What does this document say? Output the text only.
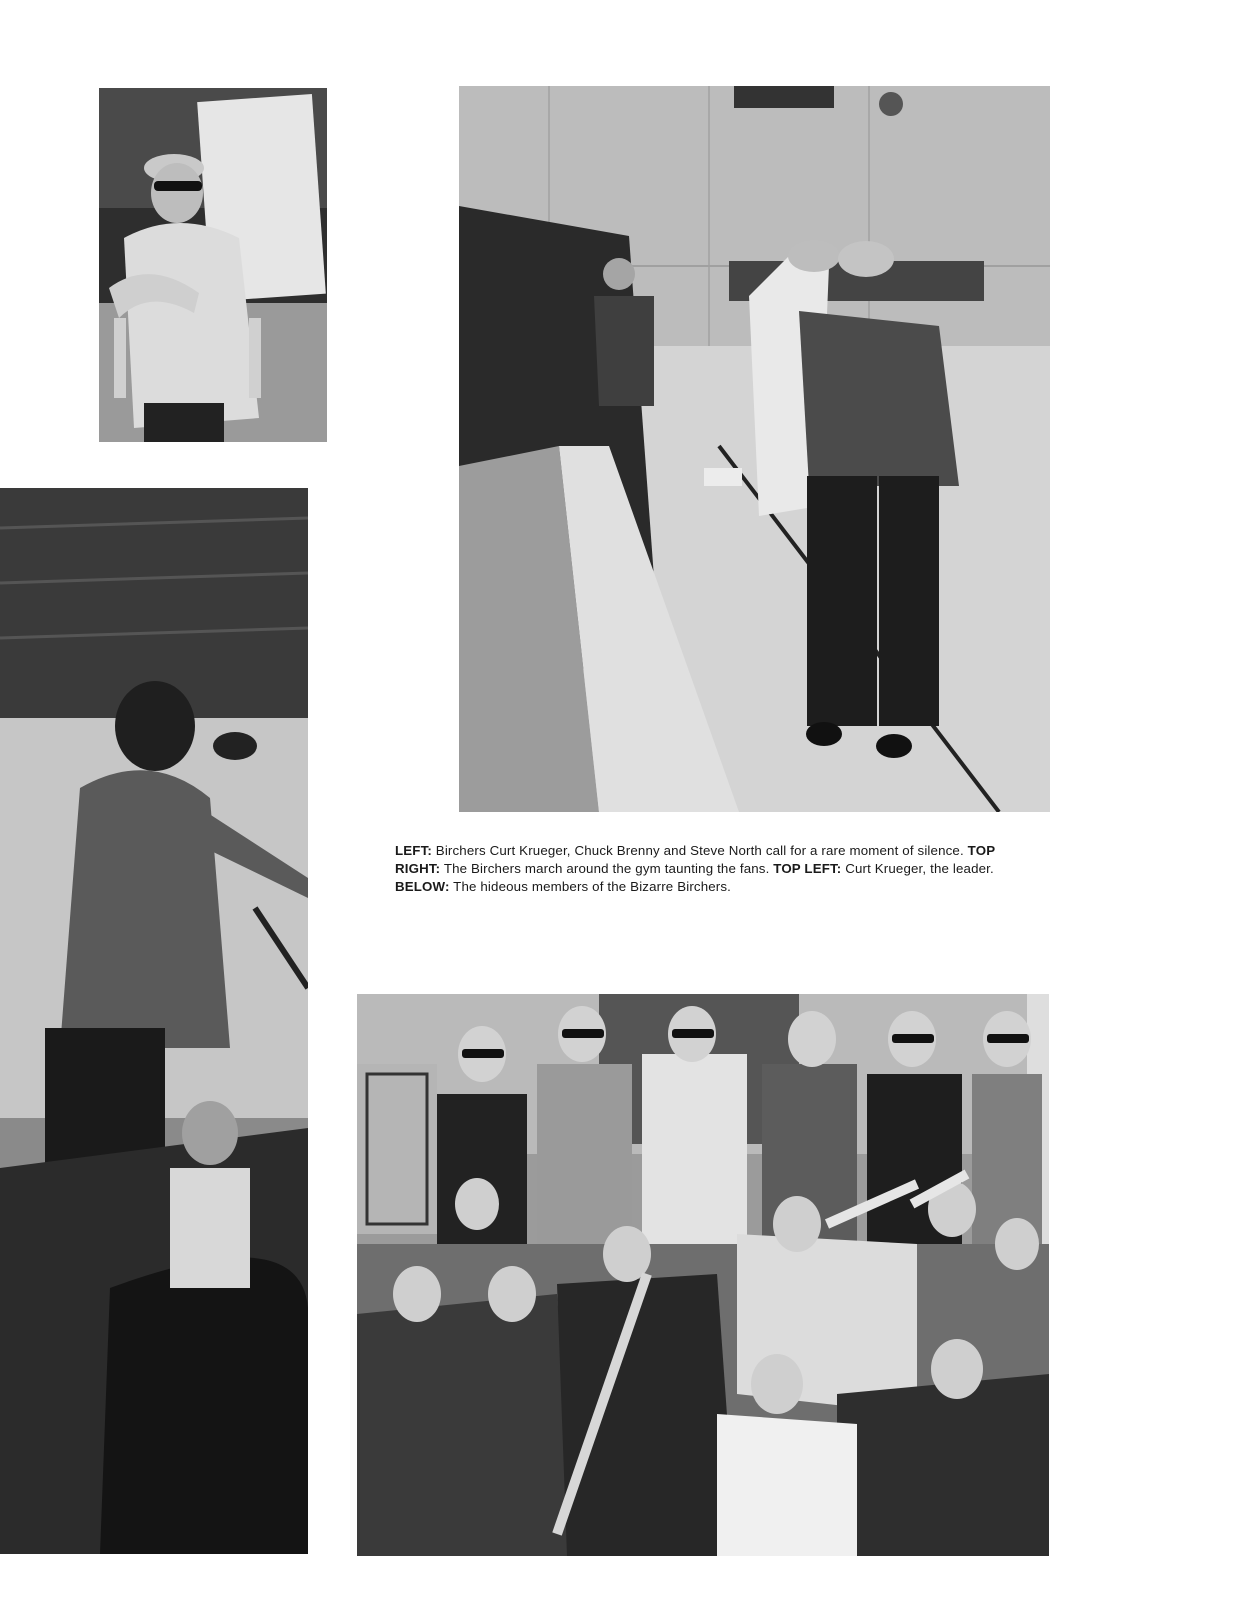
LEFT: Birchers Curt Krueger, Chuck Brenny and Steve North call for a rare moment of silence. TOP RIGHT: The Birchers march around the gym taunting the fans. TOP LEFT: Curt Krueger, the leader. BELOW: The hideous members of the Bizarre Birchers.
